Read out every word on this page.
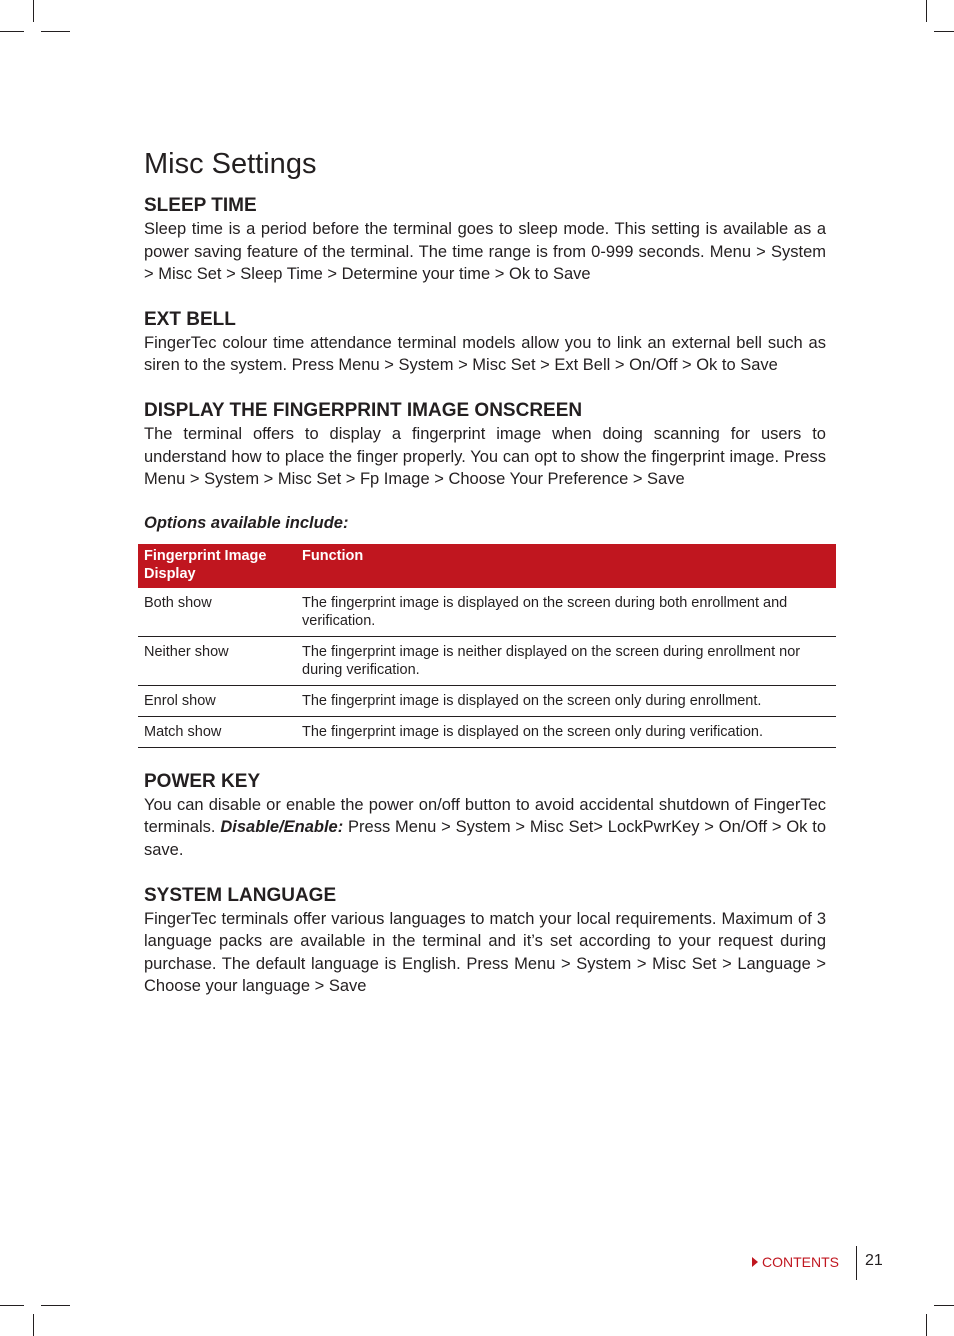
Misc Settings
SLEEP TIME

Sleep time is a period before the terminal goes to sleep mode. This setting is available as a power saving feature of the terminal. The time range is from 0-999 seconds. Menu > System > Misc Set > Sleep Time > Determine your time > Ok to Save

EXT BELL

FingerTec colour time attendance terminal models allow you to link an external bell such as siren to the system. Press Menu > System > Misc Set > Ext Bell > On/Off > Ok to Save

DISPLAY THE FINGERPRINT IMAGE ONSCREEN

The terminal offers to display a fingerprint image when doing scanning for users to understand how to place the finger properly. You can opt to show the fingerprint image. Press Menu > System > Misc Set > Fp Image > Choose Your Preference > Save

Options available include:

Fingerprint Image Display	Function
Both show	The fingerprint image is displayed on the screen during both enrollment and verification.
Neither show	The fingerprint image is neither displayed on the screen during enrollment nor during verification.
Enrol show	The fingerprint image is displayed on the screen only during enrollment.
Match show	The fingerprint image is displayed on the screen only during verification.
POWER KEY

You can disable or enable the power on/off button to avoid accidental shutdown of FingerTec terminals. Disable/Enable: Press Menu > System > Misc Set> LockPwrKey > On/Off > Ok to save.

SYSTEM LANGUAGE

FingerTec terminals offer various languages to match your local requirements. Maximum of 3 language packs are available in the terminal and it’s set according to your request during purchase. The default language is English. Press Menu > System > Misc Set > Language > Choose your language > Save

CONTENTS 21
